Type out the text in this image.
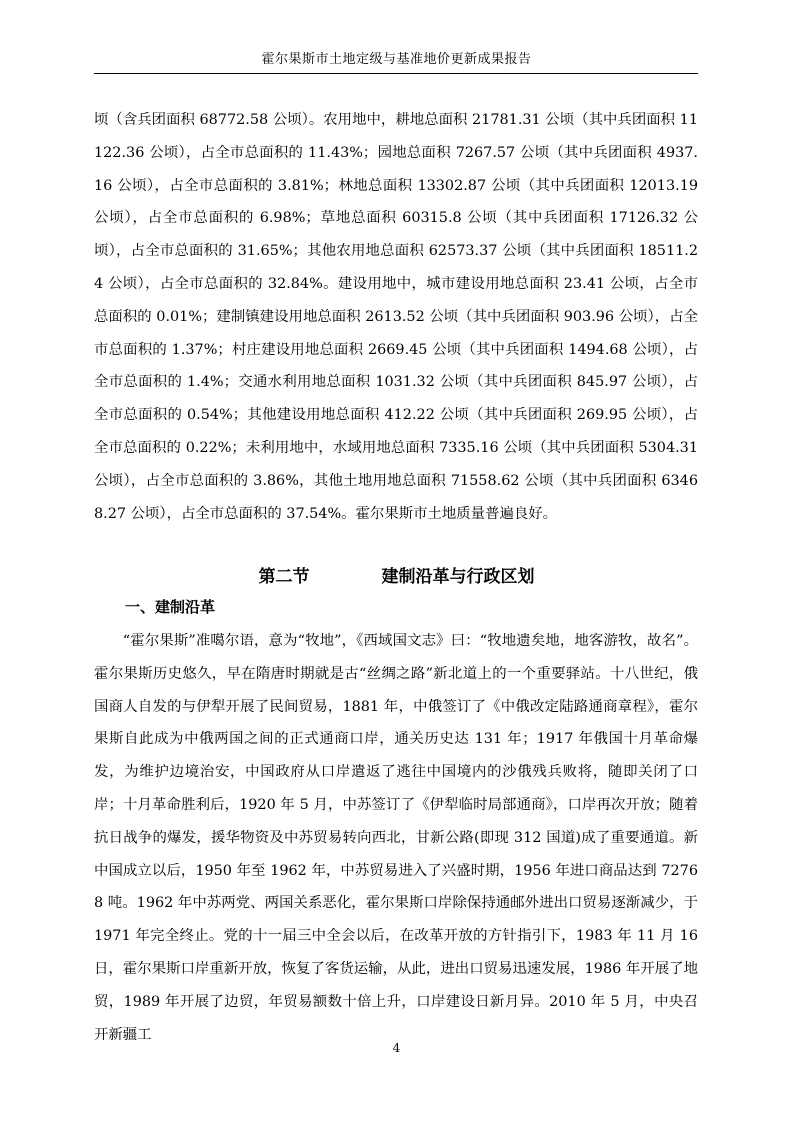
霍尔果斯市土地定级与基准地价更新成果报告

顷（含兵团面积 68772.58 公顷）。农用地中，耕地总面积 21781.31 公顷（其中兵团面积 11122.36 公顷），占全市总面积的 11.43%；园地总面积 7267.57 公顷（其中兵团面积 4937.16 公顷），占全市总面积的 3.81%；林地总面积 13302.87 公顷（其中兵团面积 12013.19 公顷），占全市总面积的 6.98%；草地总面积 60315.8 公顷（其中兵团面积 17126.32 公顷），占全市总面积的 31.65%；其他农用地总面积 62573.37 公顷（其中兵团面积 18511.24 公顷），占全市总面积的 32.84%。建设用地中，城市建设用地总面积 23.41 公顷，占全市总面积的 0.01%；建制镇建设用地总面积 2613.52 公顷（其中兵团面积 903.96 公顷），占全市总面积的 1.37%；村庄建设用地总面积 2669.45 公顷（其中兵团面积 1494.68 公顷），占全市总面积的 1.4%；交通水利用地总面积 1031.32 公顷（其中兵团面积 845.97 公顷），占全市总面积的 0.54%；其他建设用地总面积 412.22 公顷（其中兵团面积 269.95 公顷），占全市总面积的 0.22%；未利用地中，水域用地总面积 7335.16 公顷（其中兵团面积 5304.31 公顷），占全市总面积的 3.86%，其他土地用地总面积 71558.62 公顷（其中兵团面积 63468.27 公顷），占全市总面积的 37.54%。霍尔果斯市土地质量普遍良好。

第二节	建制沿革与行政区划
一、建制沿革

“霍尔果斯”准噶尔语，意为“牧地”，《西域国文志》曰：“牧地遗矣地，地客游牧，故名”。霍尔果斯历史悠久，早在隋唐时期就是古“丝绸之路”新北道上的一个重要驿站。十八世纪，俄国商人自发的与伊犁开展了民间贸易，1881 年，中俄签订了《中俄改定陆路通商章程》，霍尔果斯自此成为中俄两国之间的正式通商口岸，通关历史达 131 年；1917 年俄国十月革命爆发，为维护边境治安，中国政府从口岸遣返了逃往中国境内的沙俄残兵败将，随即关闭了口岸；十月革命胜利后，1920 年 5 月，中苏签订了《伊犁临时局部通商》，口岸再次开放；随着抗日战争的爆发，援华物资及中苏贸易转向西北，甘新公路(即现 312 国道)成了重要通道。新中国成立以后，1950 年至 1962 年，中苏贸易进入了兴盛时期，1956 年进口商品达到 72768 吨。1962 年中苏两党、两国关系恶化，霍尔果斯口岸除保持通邮外进出口贸易逐渐减少，于 1971 年完全终止。党的十一届三中全会以后，在改革开放的方针指引下，1983 年 11 月 16 日，霍尔果斯口岸重新开放，恢复了客货运输，从此，进出口贸易迅速发展，1986 年开展了地贸，1989 年开展了边贸，年贸易额数十倍上升，口岸建设日新月异。2010 年 5 月，中央召开新疆工

4
